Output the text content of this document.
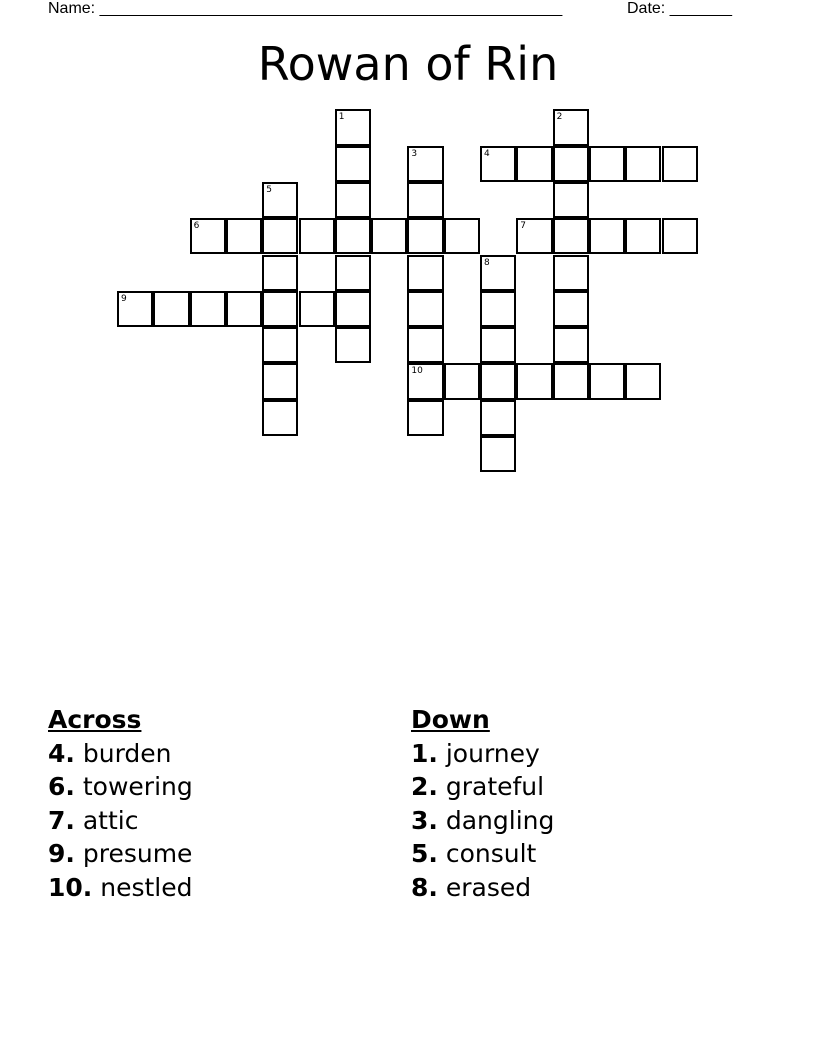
Name: ____________________________________________________	Date: _______
Rowan of Rin
1	2
3	4
5
6	7
8
9
10
Across
4. burden
6. towering
7. attic
9. presume
10. nestled
Down
1. journey
2. grateful
3. dangling
5. consult
8. erased
